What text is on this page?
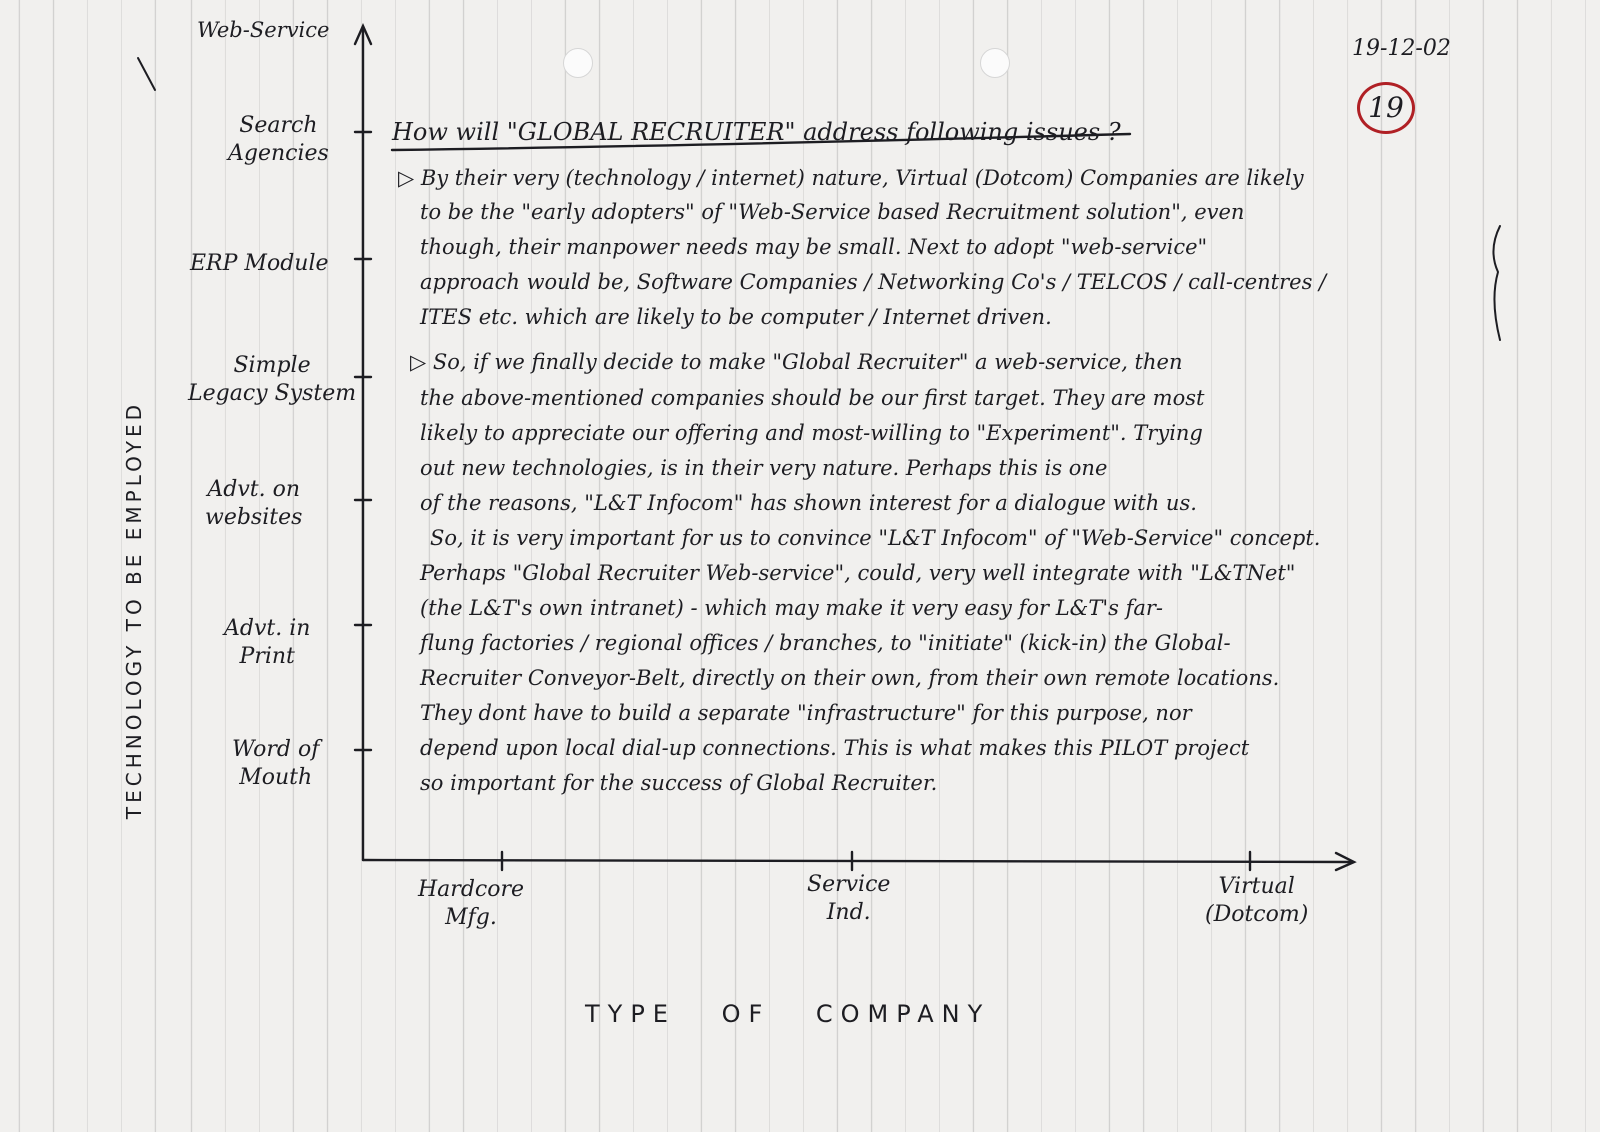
Web-Service
Search
Agencies
ERP Module
Simple
Legacy System
Advt. on
websites
Advt. in
Print
Word of
Mouth
TECHNOLOGY TO BE EMPLOYED
Hardcore
Mfg.
Service
Ind.
Virtual
(Dotcom)
TYPE OF COMPANY
19-12-02
19
How will "GLOBAL RECRUITER" address following issues ?
▷ By their very (technology / internet) nature, Virtual (Dotcom) Companies are likely
to be the "early adopters" of "Web-Service based Recruitment solution", even
though, their manpower needs may be small. Next to adopt "web-service"
approach would be, Software Companies / Networking Co's / TELCOS / call-centres /
ITES etc. which are likely to be computer / Internet driven.
▷ So, if we finally decide to make "Global Recruiter" a web-service, then
the above-mentioned companies should be our first target. They are most
likely to appreciate our offering and most-willing to "Experiment". Trying
out new technologies, is in their very nature. Perhaps this is one
of the reasons, "L&T Infocom" has shown interest for a dialogue with us.
So, it is very important for us to convince "L&T Infocom" of "Web-Service" concept.
Perhaps "Global Recruiter Web-service", could, very well integrate with "L&TNet"
(the L&T's own intranet) - which may make it very easy for L&T's far-
flung factories / regional offices / branches, to "initiate" (kick-in) the Global-
Recruiter Conveyor-Belt, directly on their own, from their own remote locations.
They dont have to build a separate "infrastructure" for this purpose, nor
depend upon local dial-up connections. This is what makes this PILOT project
so important for the success of Global Recruiter.
